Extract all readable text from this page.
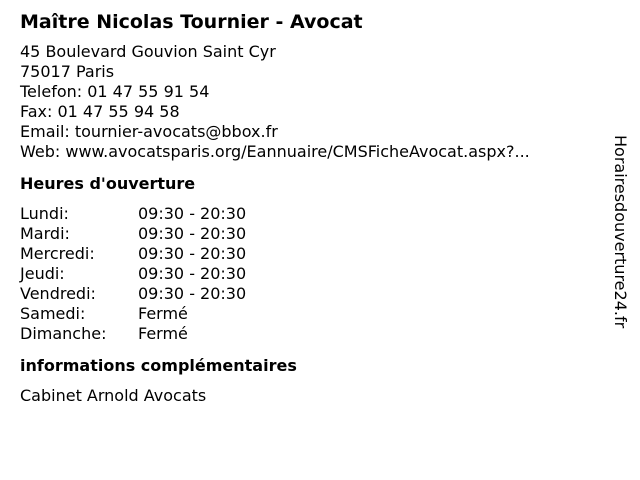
Maître Nicolas Tournier - Avocat
45 Boulevard Gouvion Saint Cyr
75017 Paris
Telefon: 01 47 55 91 54
Fax: 01 47 55 94 58
Email: tournier-avocats@bbox.fr
Web: www.avocatsparis.org/Eannuaire/CMSFicheAvocat.aspx?...
Heures d'ouverture
Lundi:	09:30 - 20:30
Mardi:	09:30 - 20:30
Mercredi:	09:30 - 20:30
Jeudi:	09:30 - 20:30
Vendredi:	09:30 - 20:30
Samedi:	Fermé
Dimanche:	Fermé
informations complémentaires
Cabinet Arnold Avocats
Horairesdouverture24.fr
